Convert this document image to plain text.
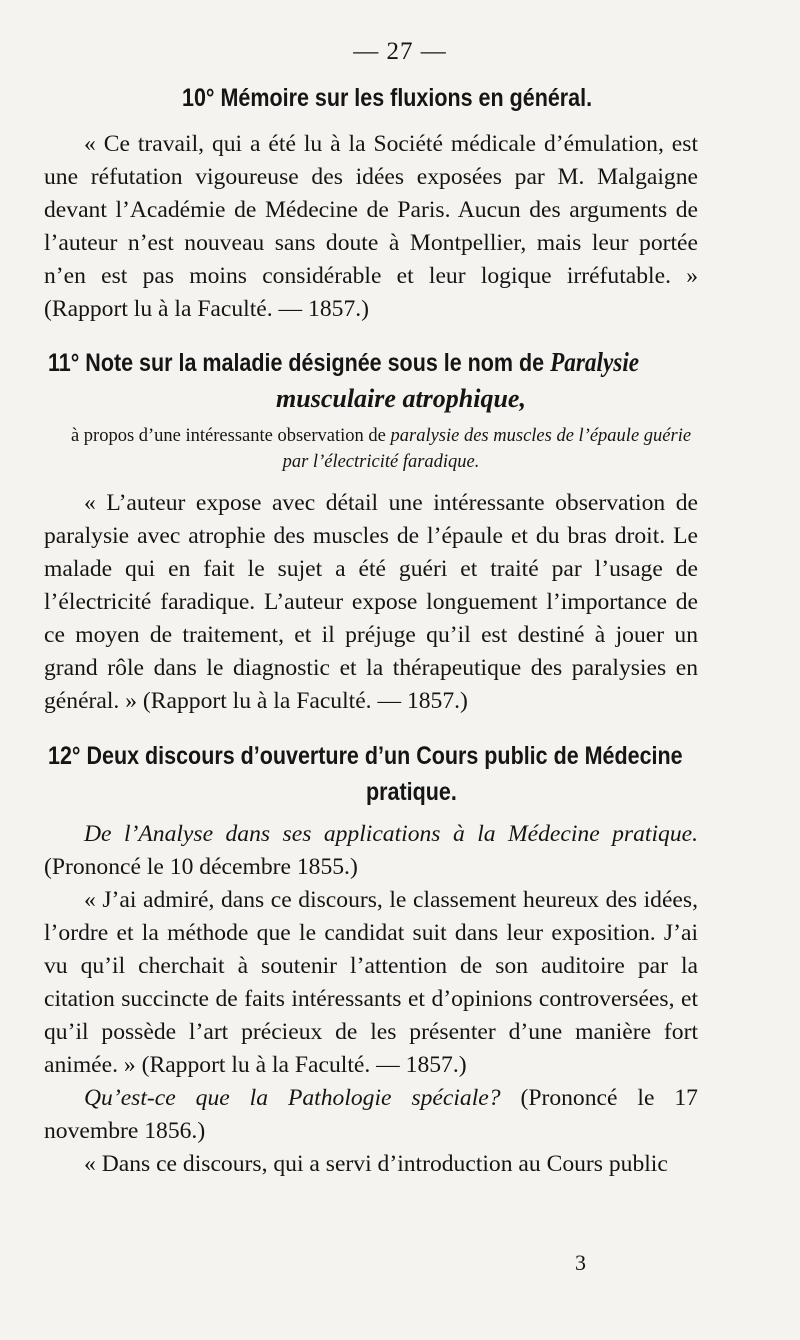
— 27 —
10° Mémoire sur les fluxions en général.

« Ce travail, qui a été lu à la Société médicale d’émulation, est une réfutation vigoureuse des idées exposées par M. Malgaigne devant l’Académie de Médecine de Paris. Aucun des arguments de l’auteur n’est nouveau sans doute à Montpellier, mais leur portée n’en est pas moins considérable et leur logique irréfutable. » (Rapport lu à la Faculté. — 1857.)

11° Note sur la maladie désignée sous le nom de Paralysie
musculaire atrophique,

à propos d’une intéressante observation de paralysie des muscles de l’épaule guérie par l’électricité faradique.

« L’auteur expose avec détail une intéressante observation de paralysie avec atrophie des muscles de l’épaule et du bras droit. Le malade qui en fait le sujet a été guéri et traité par l’usage de l’électricité faradique. L’auteur expose longuement l’importance de ce moyen de traitement, et il préjuge qu’il est destiné à jouer un grand rôle dans le diagnostic et la thérapeutique des paralysies en général. » (Rapport lu à la Faculté. — 1857.)

12° Deux discours d’ouverture d’un Cours public de Médecine
pratique.

De l’Analyse dans ses applications à la Médecine pratique. (Prononcé le 10 décembre 1855.)

« J’ai admiré, dans ce discours, le classement heureux des idées, l’ordre et la méthode que le candidat suit dans leur exposition. J’ai vu qu’il cherchait à soutenir l’attention de son auditoire par la citation succincte de faits intéressants et d’opinions controversées, et qu’il possède l’art précieux de les présenter d’une manière fort animée. » (Rapport lu à la Faculté. — 1857.)

Qu’est-ce que la Pathologie spéciale? (Prononcé le 17 novembre 1856.)

« Dans ce discours, qui a servi d’introduction au Cours public

3
